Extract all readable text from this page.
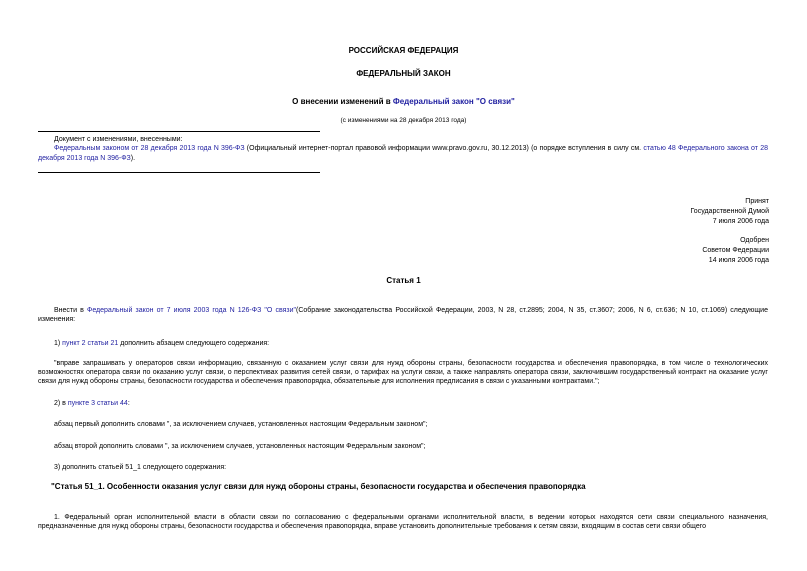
РОССИЙСКАЯ ФЕДЕРАЦИЯ
ФЕДЕРАЛЬНЫЙ ЗАКОН
О внесении изменений в Федеральный закон "О связи"
(с изменениями на 28 декабря 2013 года)
Документ с изменениями, внесенными:
Федеральным законом от 28 декабря 2013 года N 396-ФЗ (Официальный интернет-портал правовой информации www.pravo.gov.ru, 30.12.2013) (о порядке вступления в силу см. статью 48 Федерального закона от 28 декабря 2013 года N 396-ФЗ).
Принят
Государственной Думой
7 июля 2006 года
Одобрен
Советом Федерации
14 июля 2006 года
Статья 1
Внести в Федеральный закон от 7 июля 2003 года N 126-ФЗ "О связи"(Собрание законодательства Российской Федерации, 2003, N 28, ст.2895; 2004, N 35, ст.3607; 2006, N 6, ст.636; N 10, ст.1069) следующие изменения:
1) пункт 2 статьи 21 дополнить абзацем следующего содержания:
"вправе запрашивать у операторов связи информацию, связанную с оказанием услуг связи для нужд обороны страны, безопасности государства и обеспечения правопорядка, в том числе о технологических возможностях оператора связи по оказанию услуг связи, о перспективах развития сетей связи, о тарифах на услуги связи, а также направлять оператора связи, заключившим государственный контракт на оказание услуг связи для нужд обороны страны, безопасности государства и обеспечения правопорядка, обязательные для исполнения предписания в связи с указанными контрактами.";
2) в пункте 3 статьи 44:
абзац первый дополнить словами ", за исключением случаев, установленных настоящим Федеральным законом";
абзац второй дополнить словами ", за исключением случаев, установленных настоящим Федеральным законом";
3) дополнить статьей 51_1 следующего содержания:
"Статья 51_1. Особенности оказания услуг связи для нужд обороны страны, безопасности государства и обеспечения правопорядка
1. Федеральный орган исполнительной власти в области связи по согласованию с федеральными органами исполнительной власти, в ведении которых находятся сети связи специального назначения, предназначенные для нужд обороны страны, безопасности государства и обеспечения правопорядка, вправе установить дополнительные требования к сетям связи, входящим в состав сети связи общего
